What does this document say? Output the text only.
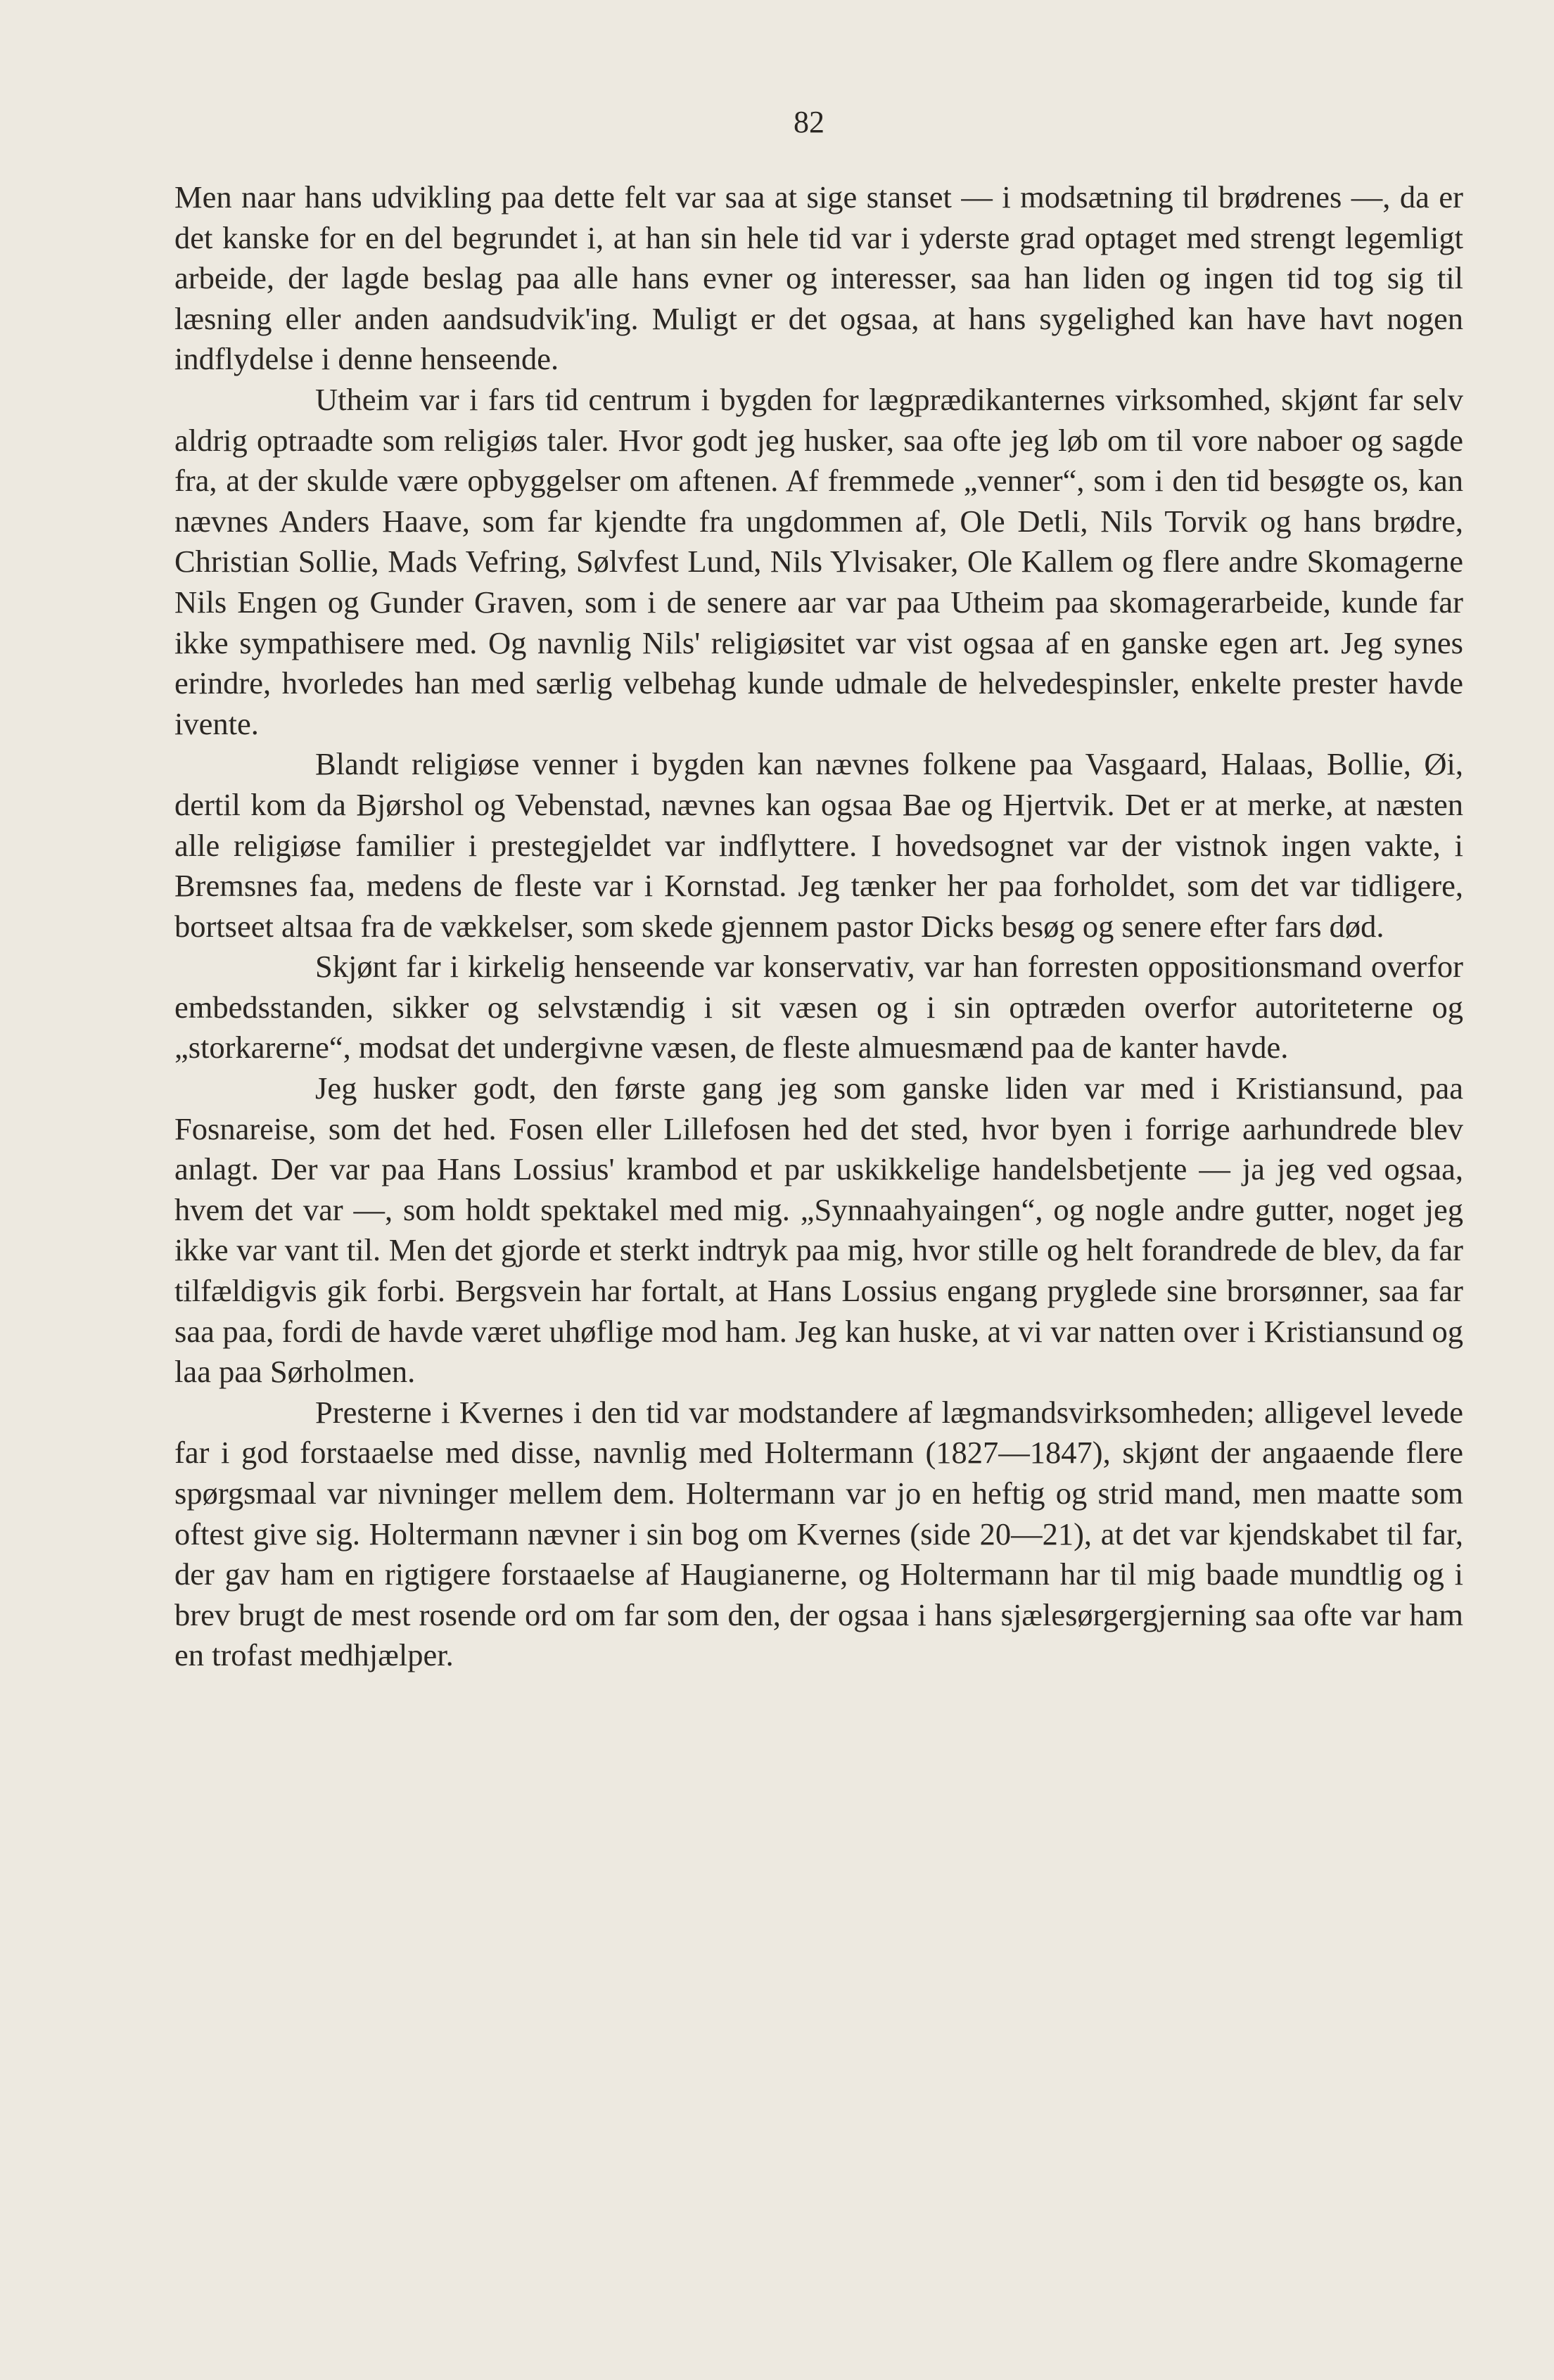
82

Men naar hans udvikling paa dette felt var saa at sige stanset — i modsætning til brødrenes —, da er det kanske for en del begrundet i, at han sin hele tid var i yderste grad optaget med strengt legemligt arbeide, der lagde beslag paa alle hans evner og interesser, saa han liden og ingen tid tog sig til læsning eller anden aandsudvik'ing. Muligt er det ogsaa, at hans sygelighed kan have havt nogen indflydelse i denne henseende.

Utheim var i fars tid centrum i bygden for lægprædikanternes virksomhed, skjønt far selv aldrig optraadte som religiøs taler. Hvor godt jeg husker, saa ofte jeg løb om til vore naboer og sagde fra, at der skulde være opbyggelser om aftenen. Af fremmede „venner“, som i den tid besøgte os, kan nævnes Anders Haave, som far kjendte fra ungdommen af, Ole Detli, Nils Torvik og hans brødre, Christian Sollie, Mads Vefring, Sølvfest Lund, Nils Ylvisaker, Ole Kallem og flere andre Skomagerne Nils Engen og Gunder Graven, som i de senere aar var paa Utheim paa skomagerarbeide, kunde far ikke sympathisere med. Og navnlig Nils' religiøsitet var vist ogsaa af en ganske egen art. Jeg synes erindre, hvorledes han med særlig velbehag kunde udmale de helvedespinsler, enkelte prester havde ivente.

Blandt religiøse venner i bygden kan nævnes folkene paa Vasgaard, Halaas, Bollie, Øi, dertil kom da Bjørshol og Vebenstad, nævnes kan ogsaa Bae og Hjertvik. Det er at merke, at næsten alle religiøse familier i prestegjeldet var indflyttere. I hovedsognet var der vistnok ingen vakte, i Bremsnes faa, medens de fleste var i Kornstad. Jeg tænker her paa forholdet, som det var tidligere, bortseet altsaa fra de vækkelser, som skede gjennem pastor Dicks besøg og senere efter fars død.

Skjønt far i kirkelig henseende var konservativ, var han forresten oppositionsmand overfor embedsstanden, sikker og selvstændig i sit væsen og i sin optræden overfor autoriteterne og „storkarerne“, modsat det undergivne væsen, de fleste almuesmænd paa de kanter havde.

Jeg husker godt, den første gang jeg som ganske liden var med i Kristiansund, paa Fosnareise, som det hed. Fosen eller Lillefosen hed det sted, hvor byen i forrige aarhundrede blev anlagt. Der var paa Hans Lossius' krambod et par uskikkelige handelsbetjente — ja jeg ved ogsaa, hvem det var —, som holdt spektakel med mig. „Synnaahyaingen“, og nogle andre gutter, noget jeg ikke var vant til. Men det gjorde et sterkt indtryk paa mig, hvor stille og helt forandrede de blev, da far tilfældigvis gik forbi. Bergsvein har fortalt, at Hans Lossius engang pryglede sine brorsønner, saa far saa paa, fordi de havde været uhøflige mod ham. Jeg kan huske, at vi var natten over i Kristiansund og laa paa Sørholmen.

Presterne i Kvernes i den tid var modstandere af lægmandsvirksomheden; alligevel levede far i god forstaaelse med disse, navnlig med Holtermann (1827—1847), skjønt der angaaende flere spørgsmaal var nivninger mellem dem. Holtermann var jo en heftig og strid mand, men maatte som oftest give sig. Holtermann nævner i sin bog om Kvernes (side 20—21), at det var kjendskabet til far, der gav ham en rigtigere forstaaelse af Haugianerne, og Holtermann har til mig baade mundtlig og i brev brugt de mest rosende ord om far som den, der ogsaa i hans sjælesørgergjerning saa ofte var ham en trofast medhjælper.
